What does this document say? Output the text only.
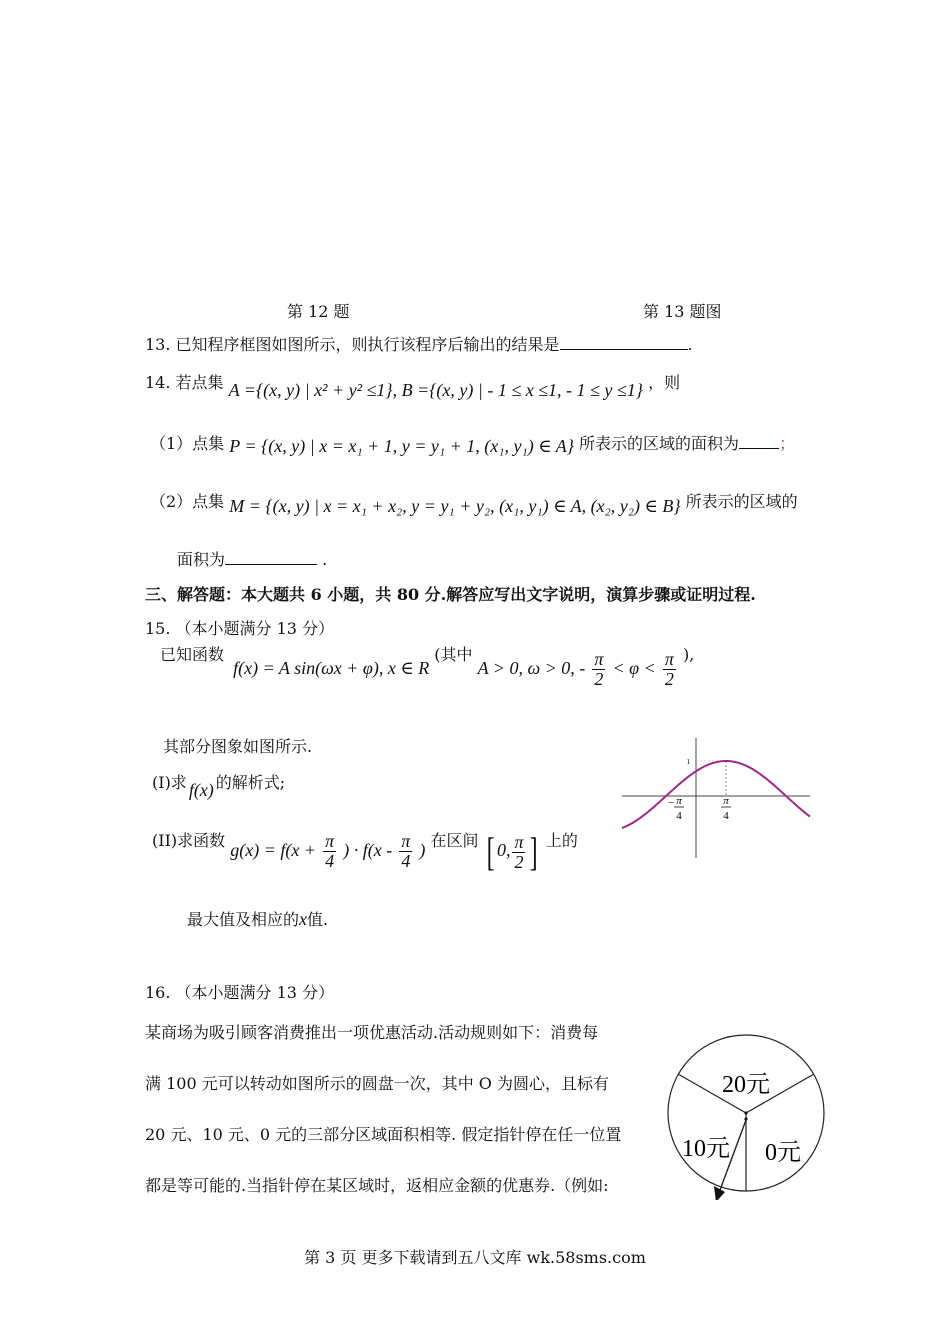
第 12 题	第 13 题图
13. 已知程序框图如图所示，则执行该程序后输出的结果是	.
14. 若点集 A ={(x, y) | x² + y² ≤1}, B ={(x, y) | - 1 ≤ x ≤1, - 1 ≤ y ≤1} ，则
（1）点集 P = {(x, y) | x = x₁ + 1, y = y₁ + 1, (x₁, y₁) ∈ A} 所表示的区域的面积为	；
（2）点集 M = {(x, y) | x = x₁ + x₂, y = y₁ + y₂, (x₁, y₁) ∈ A, (x₂, y₂) ∈ B} 所表示的区域的
面积为	.
三、解答题：本大题共 6 小题，共 80 分.解答应写出文字说明，演算步骤或证明过程.
15. （本小题满分 13 分）
已知函数 f(x) = A sin(ωx + φ), x ∈ R (其中 A > 0, ω > 0, - $\frac{\pi}{2} < \varphi < \frac{\pi}{2}$ ),
其部分图象如图所示.
(I)求 f(x) 的解析式;
(II)求函数 $g(x) = f(x + \frac{\pi}{4}$ ) · $f(x - \frac{\pi}{4}$ ) 在区间 [ 0, $\frac{\pi}{2}$ ] 上的
最大值及相应的x值.
1
− π
4
π
4
16. （本小题满分 13 分）
某商场为吸引顾客消费推出一项优惠活动.活动规则如下：消费每
满 100 元可以转动如图所示的圆盘一次，其中 O 为圆心，且标有
20 元、10 元、0 元的三部分区域面积相等. 假定指针停在任一位置
都是等可能的.当指针停在某区域时，返相应金额的优惠券.（例如:
20元
10元 0元
第 3 页 更多下载请到五八文库 wk.58sms.com
